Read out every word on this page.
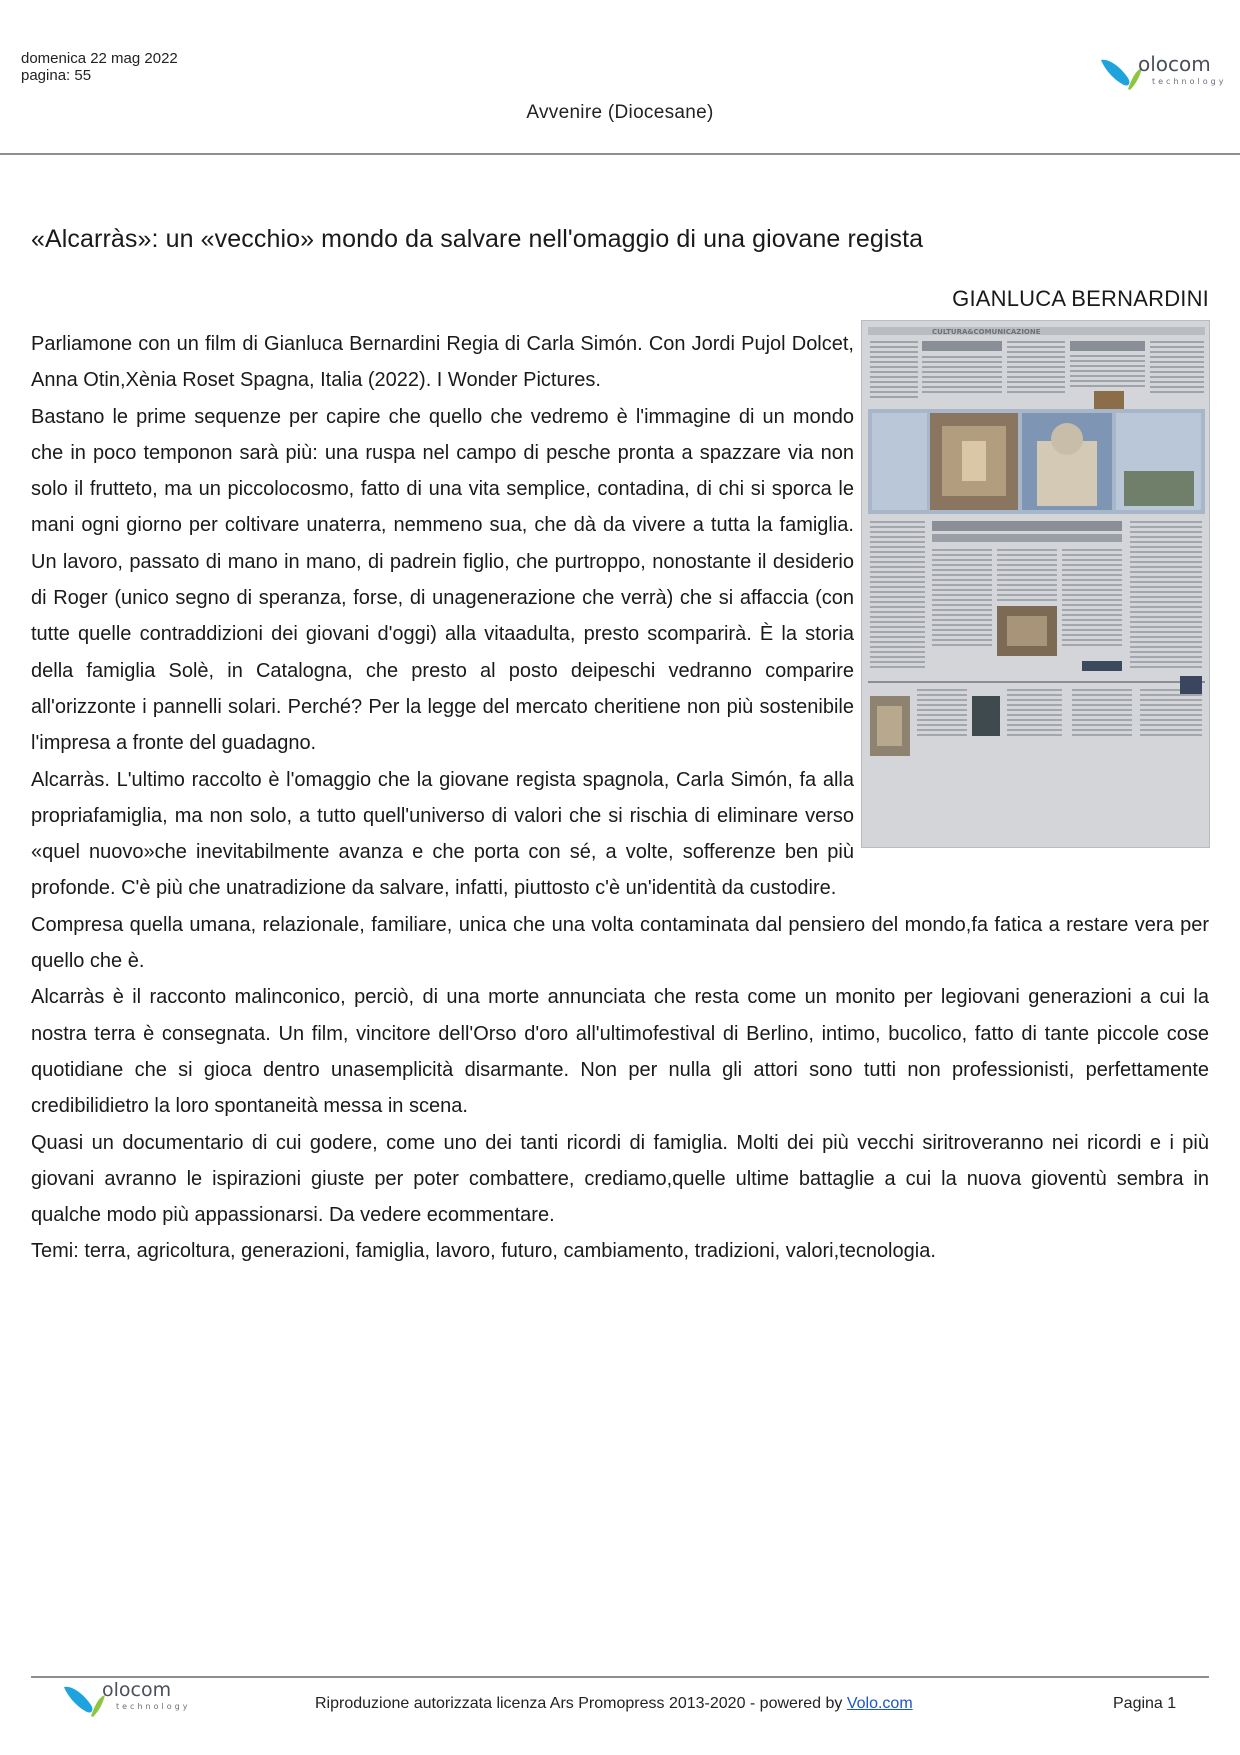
domenica 22 mag 2022
pagina: 55
Avvenire (Diocesane)
olocom
technology
«Alcarràs»: un «vecchio» mondo da salvare nell'omaggio di una giovane regista
GIANLUCA BERNARDINI
CULTURA&COMUNICAZIONE

Parliamone con un film di Gianluca Bernardini Regia di Carla Simón. Con Jordi Pujol Dolcet, Anna Otin,Xènia Roset Spagna, Italia (2022). I Wonder Pictures.

Bastano le prime sequenze per capire che quello che vedremo è l'immagine di un mondo che in poco temponon sarà più: una ruspa nel campo di pesche pronta a spazzare via non solo il frutteto, ma un piccolocosmo, fatto di una vita semplice, contadina, di chi si sporca le mani ogni giorno per coltivare unaterra, nemmeno sua, che dà da vivere a tutta la famiglia. Un lavoro, passato di mano in mano, di padrein figlio, che purtroppo, nonostante il desiderio di Roger (unico segno di speranza, forse, di unagenerazione che verrà) che si affaccia (con tutte quelle contraddizioni dei giovani d'oggi) alla vitaadulta, presto scomparirà. È la storia della famiglia Solè, in Catalogna, che presto al posto deipeschi vedranno comparire all'orizzonte i pannelli solari. Perché? Per la legge del mercato cheritiene non più sostenibile l'impresa a fronte del guadagno.

Alcarràs. L'ultimo raccolto è l'omaggio che la giovane regista spagnola, Carla Simón, fa alla propriafamiglia, ma non solo, a tutto quell'universo di valori che si rischia di eliminare verso «quel nuovo»che inevitabilmente avanza e che porta con sé, a volte, sofferenze ben più profonde. C'è più che unatradizione da salvare, infatti, piuttosto c'è un'identità da custodire.

Compresa quella umana, relazionale, familiare, unica che una volta contaminata dal pensiero del mondo,fa fatica a restare vera per quello che è.

Alcarràs è il racconto malinconico, perciò, di una morte annunciata che resta come un monito per legiovani generazioni a cui la nostra terra è consegnata. Un film, vincitore dell'Orso d'oro all'ultimofestival di Berlino, intimo, bucolico, fatto di tante piccole cose quotidiane che si gioca dentro unasemplicità disarmante. Non per nulla gli attori sono tutti non professionisti, perfettamente credibilidietro la loro spontaneità messa in scena.

Quasi un documentario di cui godere, come uno dei tanti ricordi di famiglia. Molti dei più vecchi siritroveranno nei ricordi e i più giovani avranno le ispirazioni giuste per poter combattere, crediamo,quelle ultime battaglie a cui la nuova gioventù sembra in qualche modo più appassionarsi. Da vedere ecommentare.

Temi: terra, agricoltura, generazioni, famiglia, lavoro, futuro, cambiamento, tradizioni, valori,tecnologia.

olocom
technology	Riproduzione autorizzata licenza Ars Promopress 2013-2020 - powered by Volo.com	Pagina 1
